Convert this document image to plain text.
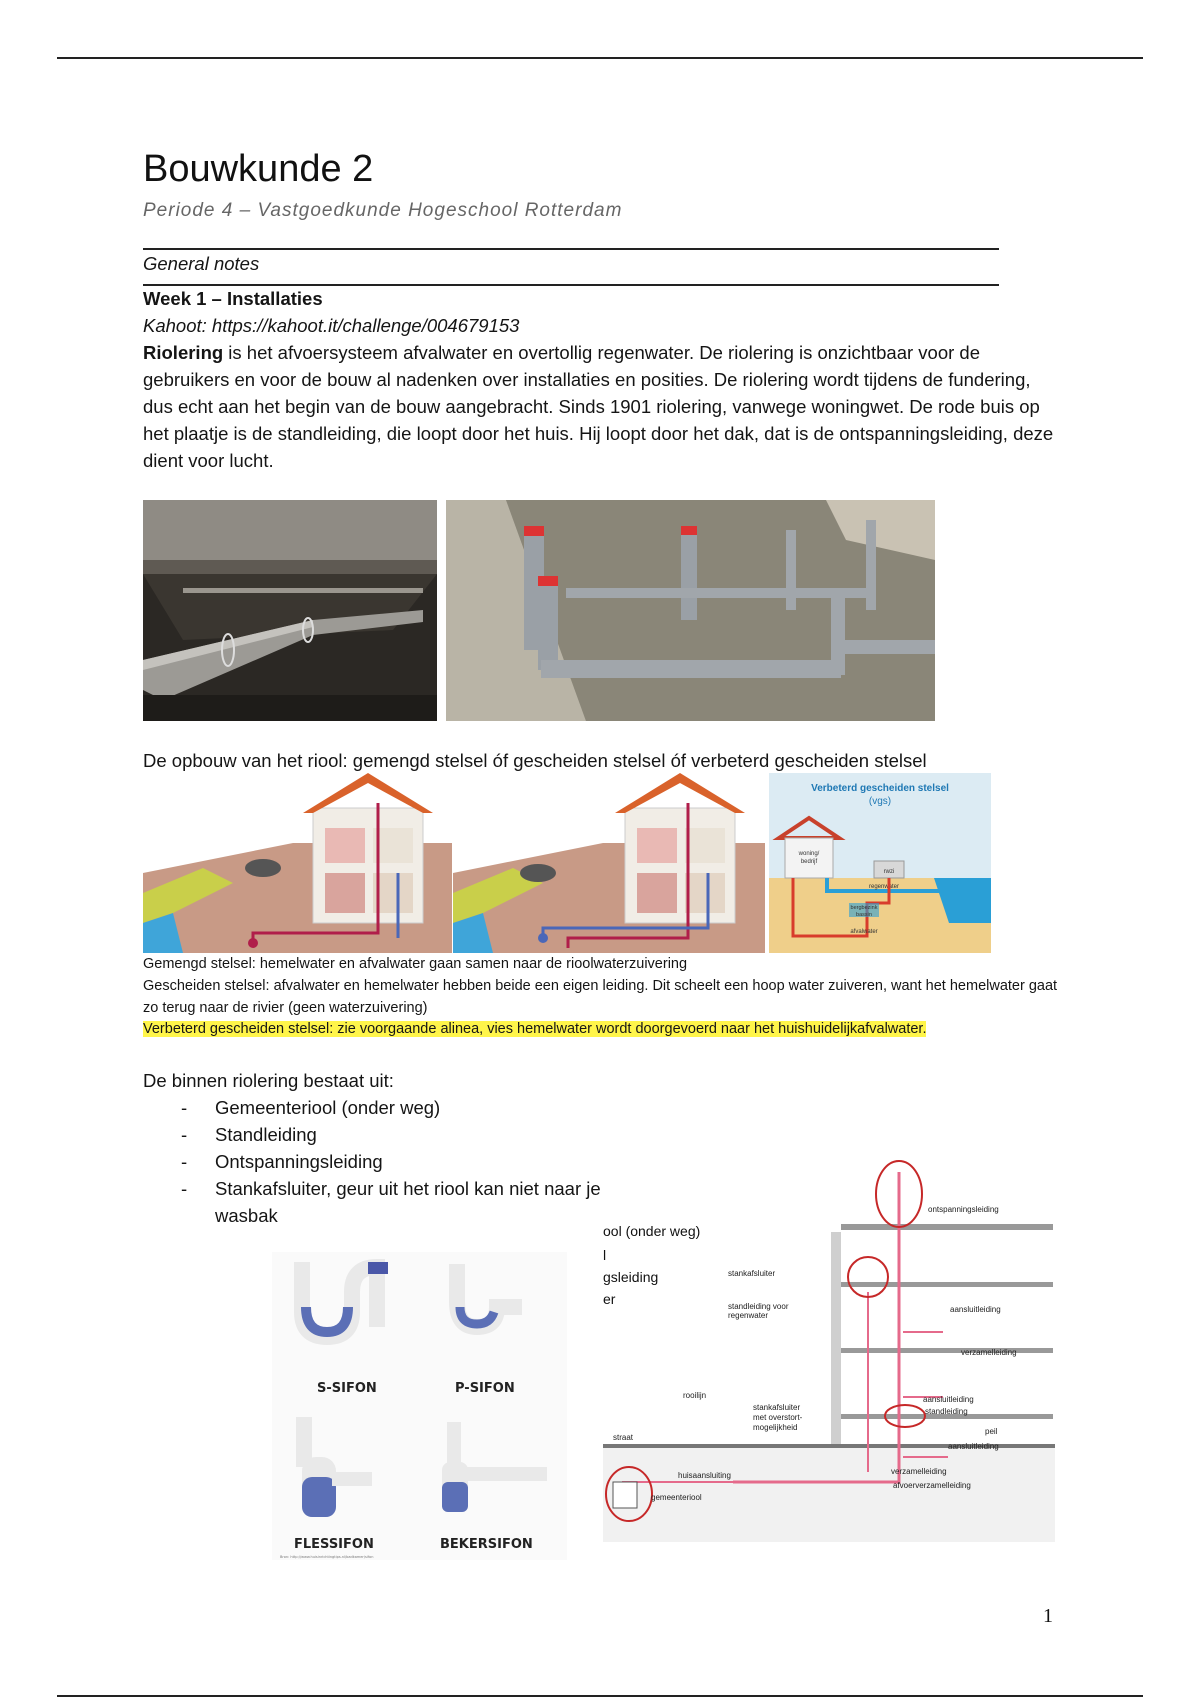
Bouwkunde 2
Periode 4 – Vastgoedkunde Hogeschool Rotterdam
General notes
Week 1 – Installaties
Kahoot: https://kahoot.it/challenge/004679153
Riolering is het afvoersysteem afvalwater en overtollig regenwater. De riolering is onzichtbaar voor de gebruikers en voor de bouw al nadenken over installaties en posities. De riolering wordt tijdens de fundering, dus echt aan het begin van de bouw aangebracht. Sinds 1901 riolering, vanwege woningwet. De rode buis op het plaatje is de standleiding, die loopt door het huis. Hij loopt door het dak, dat is de ontspanningsleiding, deze dient voor lucht.
De opbouw van het riool: gemengd stelsel óf gescheiden stelsel óf verbeterd gescheiden stelsel
Verbeterd gescheiden stelsel
(vgs)
woning/
bedrijf
rwzi
regenwater
bergbezink
bassin
afvalwater
Gemengd stelsel: hemelwater en afvalwater gaan samen naar de rioolwaterzuivering
Gescheiden stelsel: afvalwater en hemelwater hebben beide een eigen leiding. Dit scheelt een hoop water zuiveren, want het hemelwater gaat zo terug naar de rivier (geen waterzuivering)
Verbeterd gescheiden stelsel: zie voorgaande alinea, vies hemelwater wordt doorgevoerd naar het huishuidelijkafvalwater.
De binnen riolering bestaat uit:
- Gemeenteriool (onder weg)
- Standleiding
- Ontspanningsleiding
- Stankafsluiter, geur uit het riool kan niet naar je wasbak
S-SIFON	P-SIFON
FLESSIFON	BEKERSIFON
Bron: http://www.huisinrichtingtips.nl/badkamer/sifon
ool (onder weg)
l
gsleiding
er
ontspanningsleiding
stankafsluiter
standleiding voor
regenwater
aansluitleiding
verzamelleiding
rooilijn	aansluitleiding
standleiding
stankafsluiter
met overstort-
mogelijkheid
straat
peil
aansluitleiding
huisaansluiting	verzamelleiding
afvoerverzamelleiding
gemeenteriool
1
